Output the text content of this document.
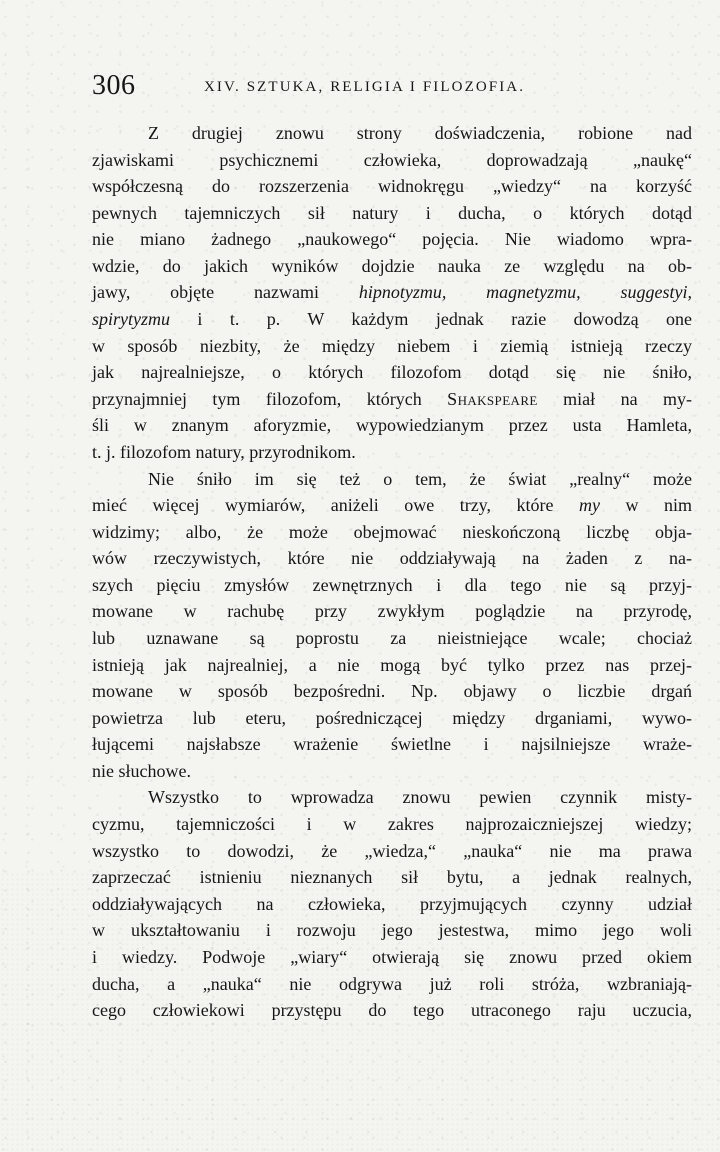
306	XIV. SZTUKA, RELIGIA I FILOZOFIA.
Z drugiej znowu strony doświadczenia, robione nad
zjawiskami psychicznemi człowieka, doprowadzają „naukę“
współczesną do rozszerzenia widnokręgu „wiedzy“ na korzyść
pewnych tajemniczych sił natury i ducha, o których dotąd
nie miano żadnego „naukowego“ pojęcia. Nie wiadomo wpra-
wdzie, do jakich wyników dojdzie nauka ze względu na ob-
jawy, objęte nazwami hipnotyzmu, magnetyzmu, suggestyi,
spirytyzmu i t. p. W każdym jednak razie dowodzą one
w sposób niezbity, że między niebem i ziemią istnieją rzeczy
jak najrealniejsze, o których filozofom dotąd się nie śniło,
przynajmniej tym filozofom, których Shakspeare miał na my-
śli w znanym aforyzmie, wypowiedzianym przez usta Hamleta,
t. j. filozofom natury, przyrodnikom.
Nie śniło im się też o tem, że świat „realny“ może
mieć więcej wymiarów, aniżeli owe trzy, które my w nim
widzimy; albo, że może obejmować nieskończoną liczbę obja-
wów rzeczywistych, które nie oddziaływają na żaden z na-
szych pięciu zmysłów zewnętrznych i dla tego nie są przyj-
mowane w rachubę przy zwykłym poglądzie na przyrodę,
lub uznawane są poprostu za nieistniejące wcale; chociaż
istnieją jak najrealniej, a nie mogą być tylko przez nas przej-
mowane w sposób bezpośredni. Np. objawy o liczbie drgań
powietrza lub eteru, pośredniczącej między drganiami, wywo-
łującemi najsłabsze wrażenie świetlne i najsilniejsze wraże-
nie słuchowe.
Wszystko to wprowadza znowu pewien czynnik misty-
cyzmu, tajemniczości i w zakres najprozaiczniejszej wiedzy;
wszystko to dowodzi, że „wiedza,“ „nauka“ nie ma prawa
zaprzeczać istnieniu nieznanych sił bytu, a jednak realnych,
oddziaływających na człowieka, przyjmujących czynny udział
w ukształtowaniu i rozwoju jego jestestwa, mimo jego woli
i wiedzy. Podwoje „wiary“ otwierają się znowu przed okiem
ducha, a „nauka“ nie odgrywa już roli stróża, wzbraniają-
cego człowiekowi przystępu do tego utraconego raju uczucia,
